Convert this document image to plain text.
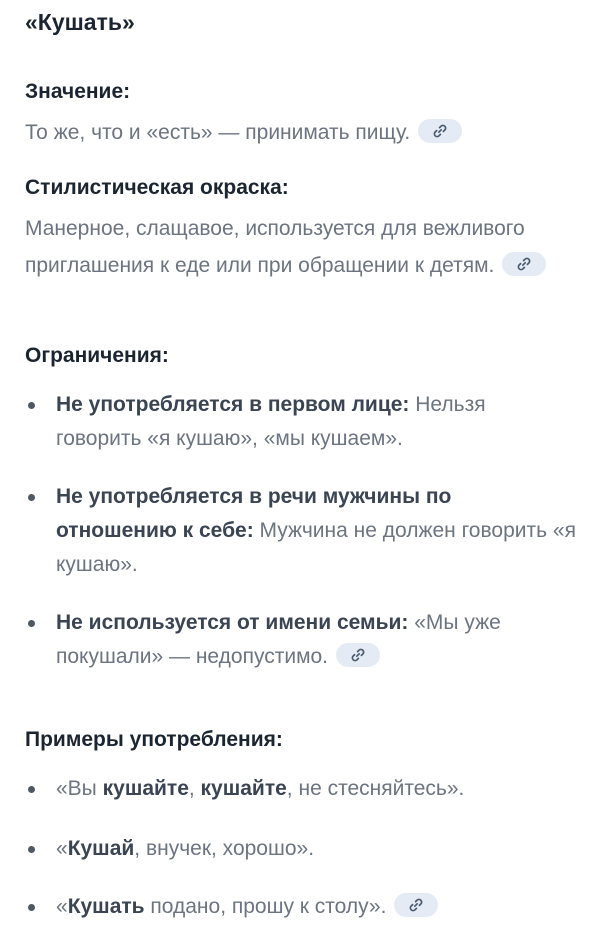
«Кушать»
Значение:
То же, что и «есть» — принимать пищу.
Стилистическая окраска:
Манерное, слащавое, используется для вежливого приглашения к еде или при обращении к детям.
Ограничения:
Не употребляется в первом лице: Нельзя говорить «я кушаю», «мы кушаем».
Не употребляется в речи мужчины по отношению к себе: Мужчина не должен говорить «я кушаю».
Не используется от имени семьи: «Мы уже покушали» — недопустимо.
Примеры употребления:
«Вы кушайте, кушайте, не стесняйтесь».
«Кушай, внучек, хорошо».
«Кушать подано, прошу к столу».
